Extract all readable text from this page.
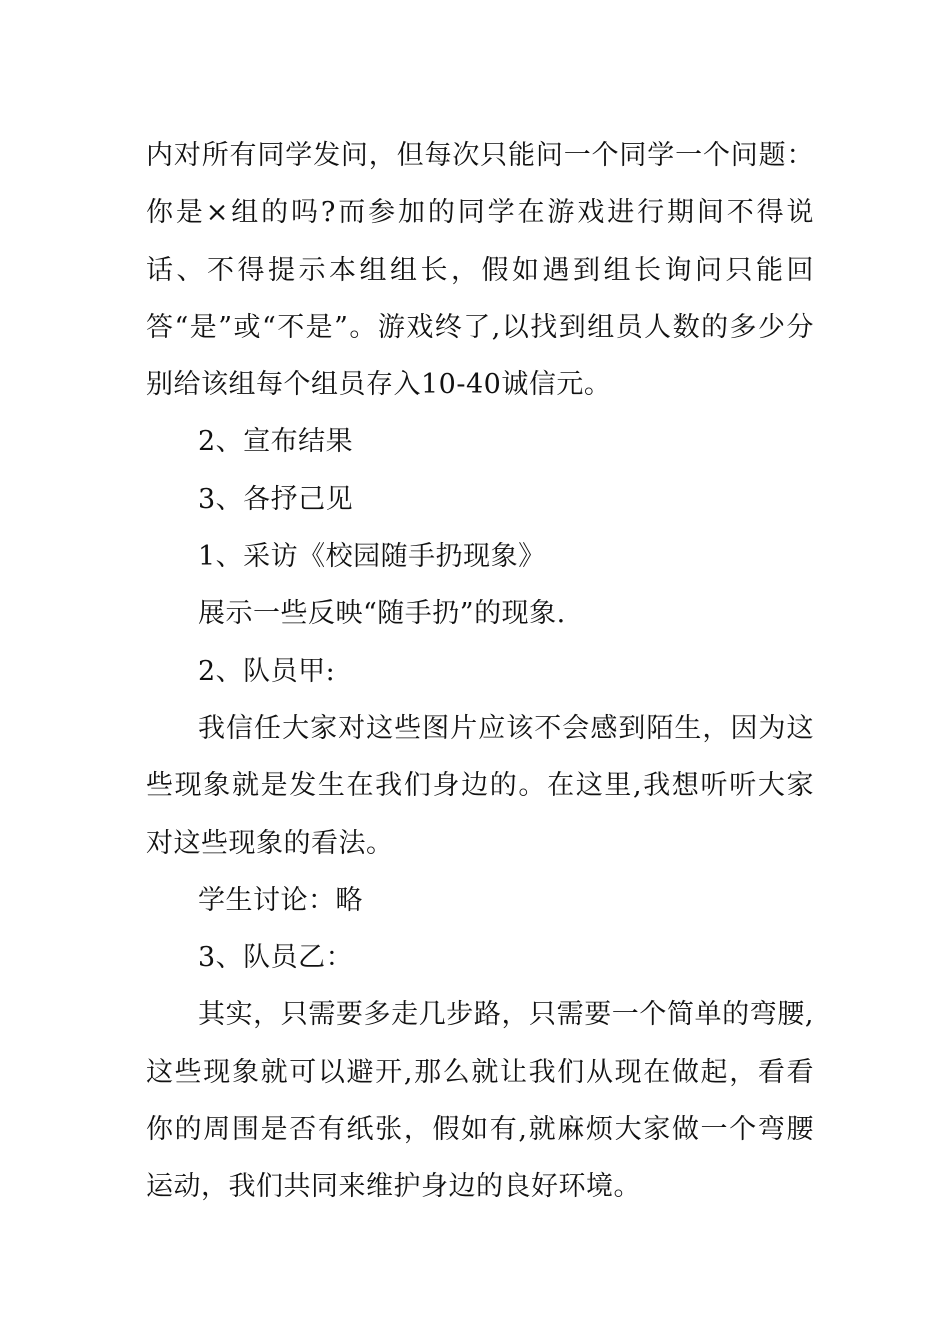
内对所有同学发问，但每次只能问一个同学一个问题：你是×组的吗?而参加的同学在游戏进行期间不得说话、不得提示本组组长，假如遇到组长询问只能回答“是”或“不是”。游戏终了,以找到组员人数的多少分别给该组每个组员存入10-40诚信元。

2、宣布结果

3、各抒己见

1、采访《校园随手扔现象》

展示一些反映“随手扔”的现象.

2、队员甲:

我信任大家对这些图片应该不会感到陌生，因为这些现象就是发生在我们身边的。在这里,我想听听大家对这些现象的看法。

学生讨论：略

3、队员乙：

其实，只需要多走几步路，只需要一个简单的弯腰,这些现象就可以避开,那么就让我们从现在做起，看看你的周围是否有纸张，假如有,就麻烦大家做一个弯腰运动，我们共同来维护身边的良好环境。
